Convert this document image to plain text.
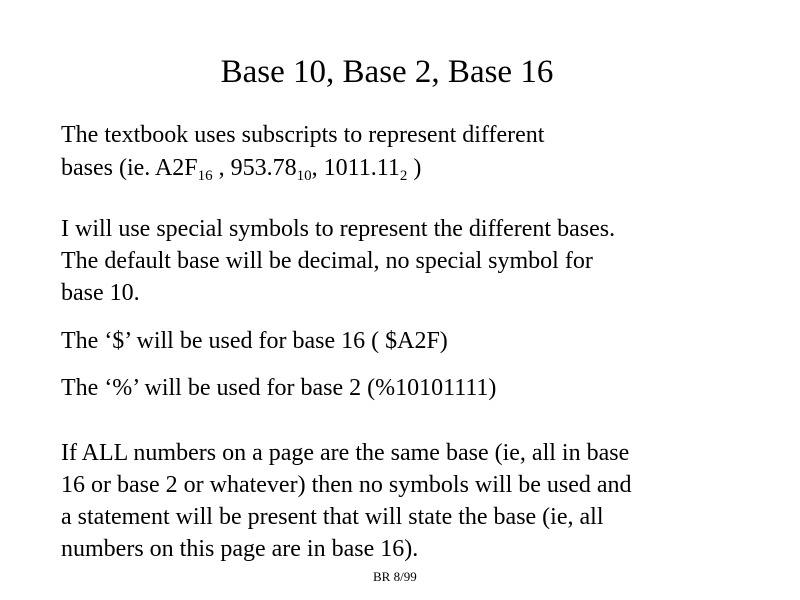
Base 10, Base 2, Base 16
The textbook uses subscripts to represent different
bases (ie. $A2F_{16}$ , $953.78_{10}$, $1011.11_2$ )
I will use special symbols to represent the different bases.
The default base will be decimal, no special symbol for
base 10.
The ‘$’ will be used for base 16 ( $A2F)
The ‘%’ will be used for base 2 (%10101111)
If ALL numbers on a page are the same base (ie, all in base
16 or base 2 or whatever) then no symbols will be used and
a statement will be present that will state the base (ie, all
numbers on this page are in base 16).
BR 8/99
